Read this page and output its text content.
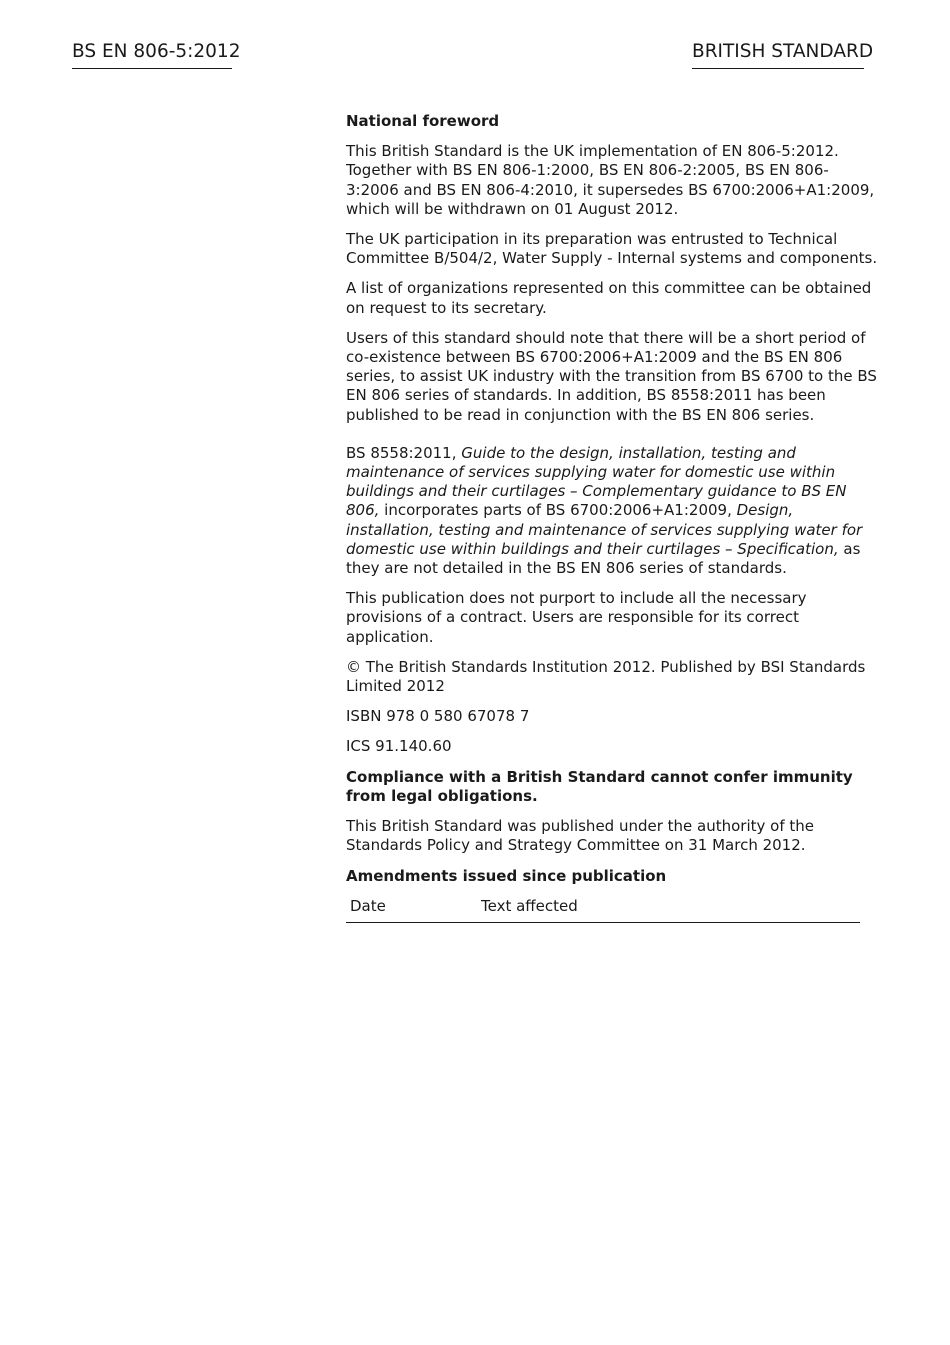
BS EN 806-5:2012	BRITISH STANDARD

National foreword

This British Standard is the UK implementation of EN 806-5:2012. Together with BS EN 806-1:2000, BS EN 806-2:2005, BS EN 806-3:2006 and BS EN 806-4:2010, it supersedes BS 6700:2006+A1:2009, which will be withdrawn on 01 August 2012.

The UK participation in its preparation was entrusted to Technical Committee B/504/2, Water Supply - Internal systems and components.

A list of organizations represented on this committee can be obtained on request to its secretary.

Users of this standard should note that there will be a short period of co-existence between BS 6700:2006+A1:2009 and the BS EN 806 series, to assist UK industry with the transition from BS 6700 to the BS EN 806 series of standards. In addition, BS 8558:2011 has been published to be read in conjunction with the BS EN 806 series.

BS 8558:2011, Guide to the design, installation, testing and maintenance of services supplying water for domestic use within buildings and their curtilages – Complementary guidance to BS EN 806, incorporates parts of BS 6700:2006+A1:2009, Design, installation, testing and maintenance of services supplying water for domestic use within buildings and their curtilages – Specification, as they are not detailed in the BS EN 806 series of standards.

This publication does not purport to include all the necessary provisions of a contract. Users are responsible for its correct application.

© The British Standards Institution 2012. Published by BSI Standards Limited 2012

ISBN 978 0 580 67078 7

ICS 91.140.60

Compliance with a British Standard cannot confer immunity from legal obligations.

This British Standard was published under the authority of the Standards Policy and Strategy Committee on 31 March 2012.

Amendments issued since publication

Date	Text affected
